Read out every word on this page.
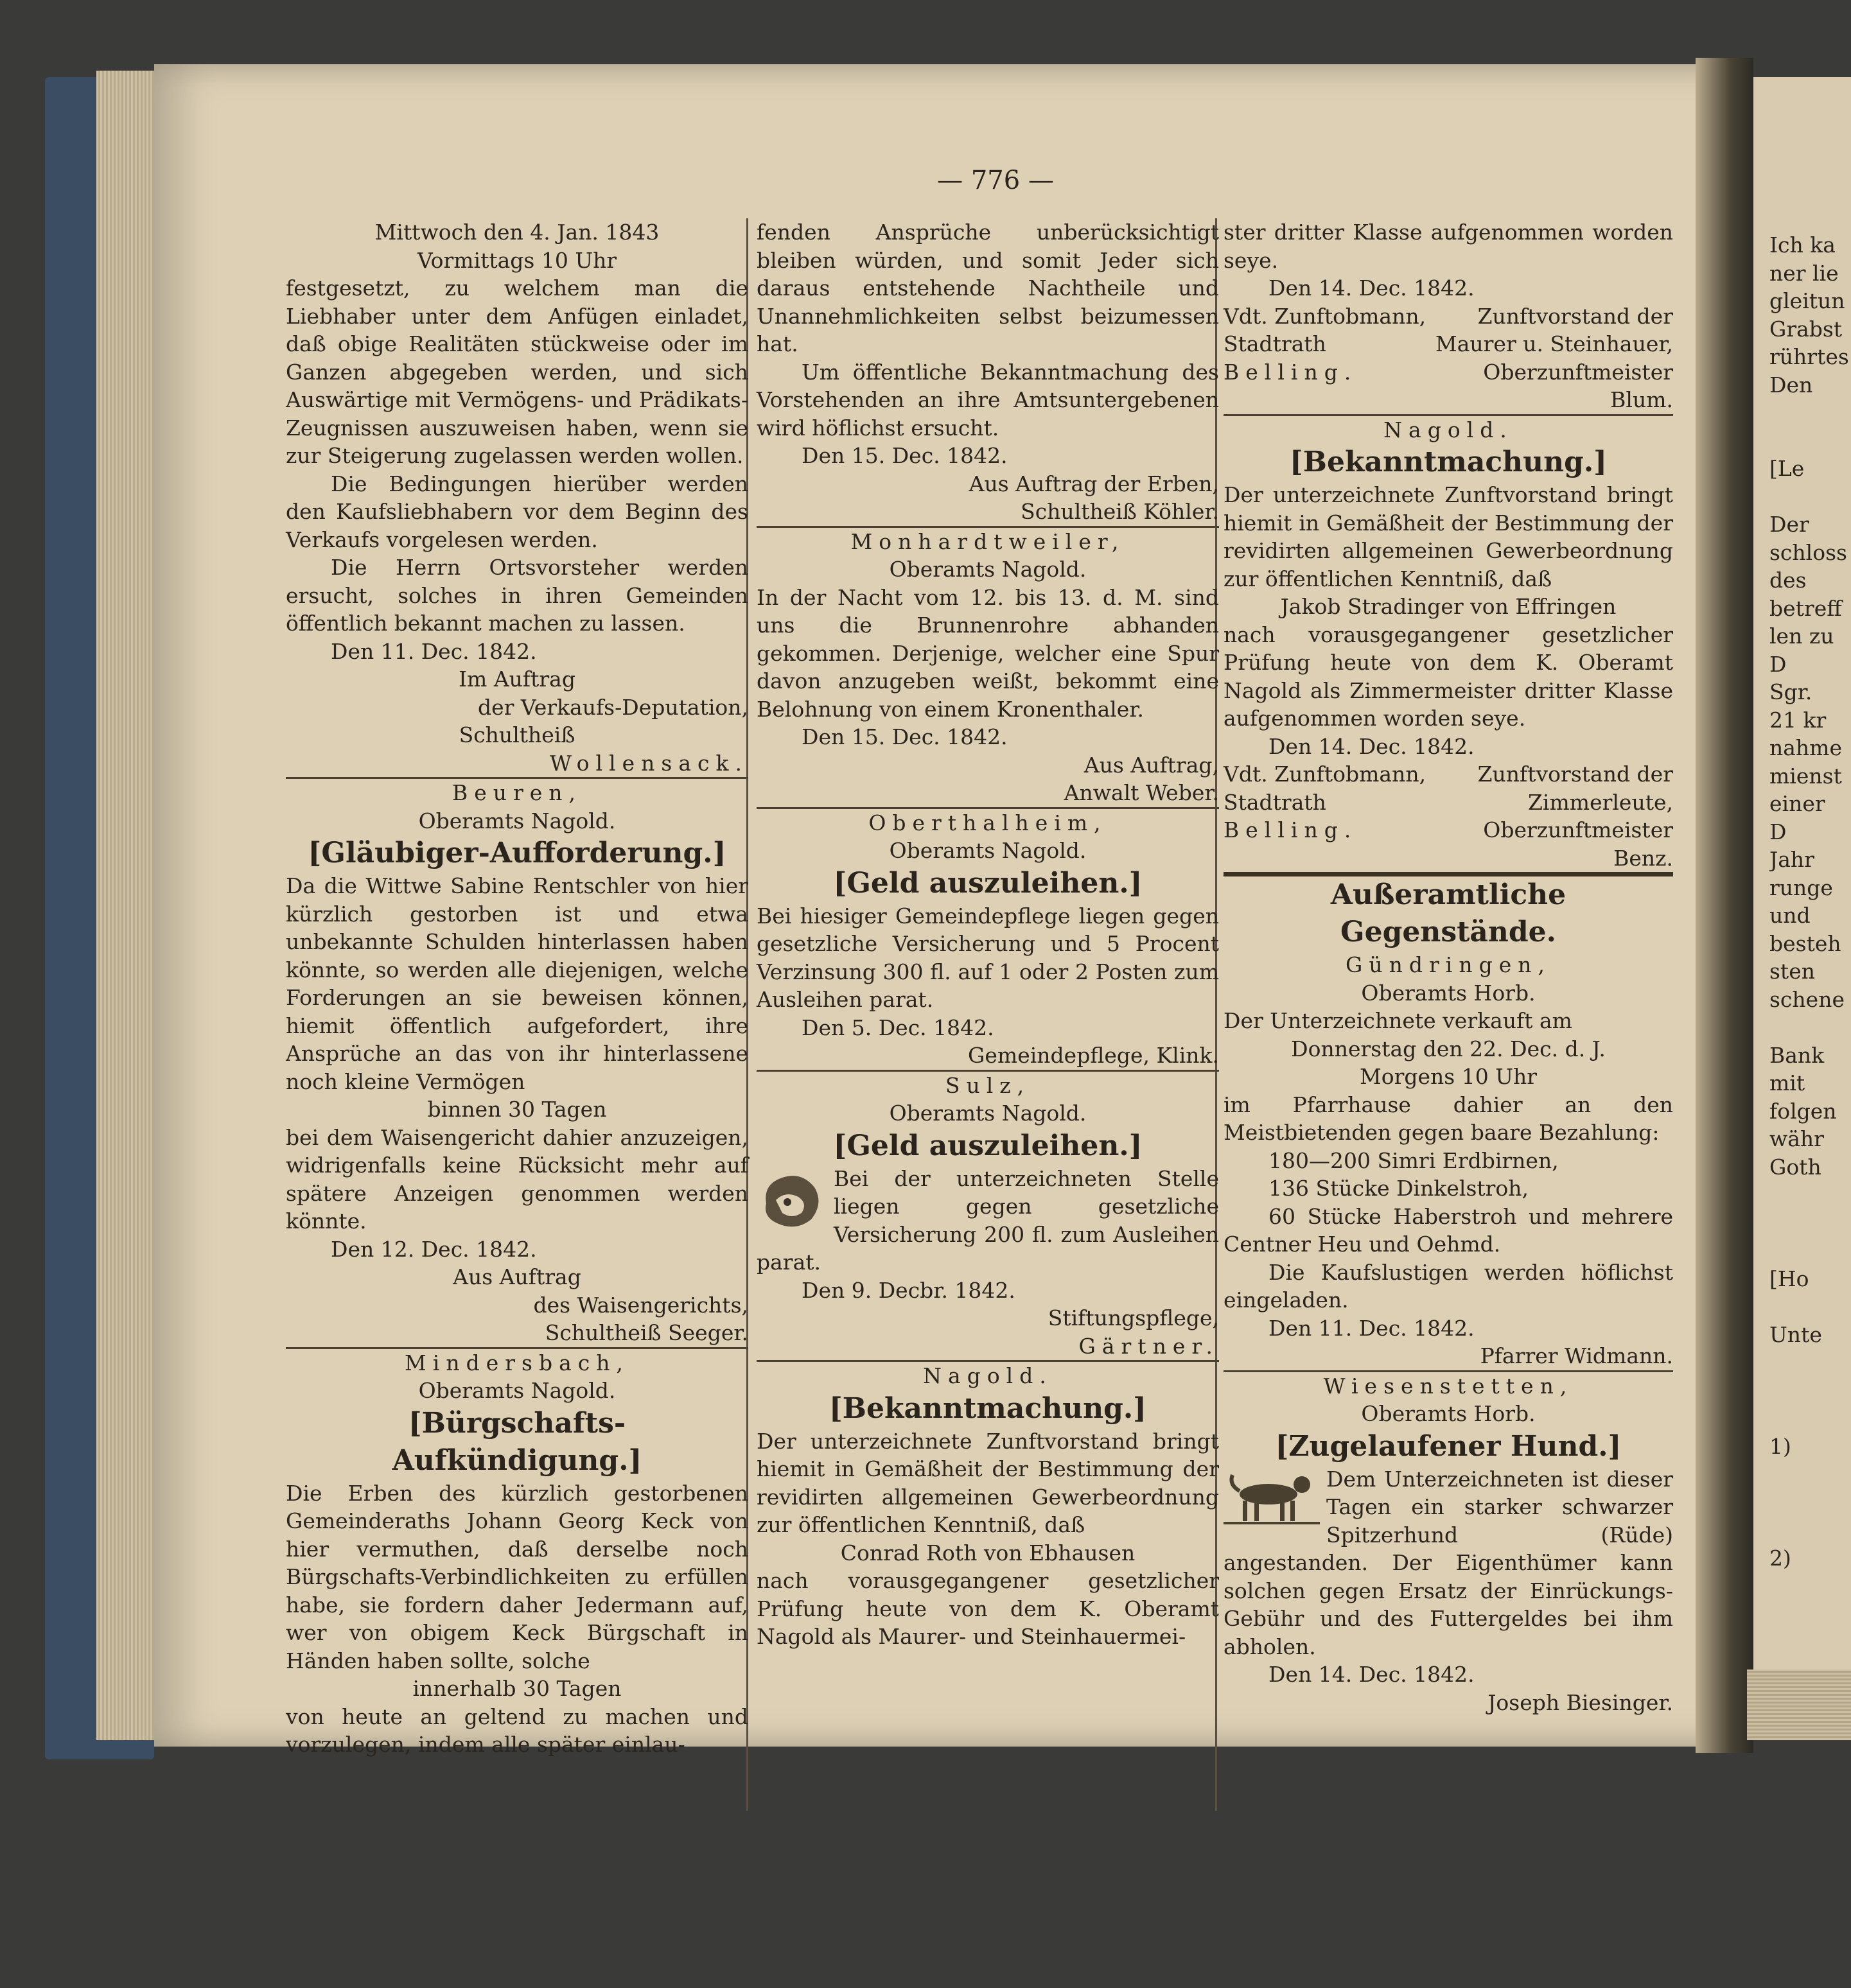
— 776 —
Mittwoch den 4. Jan. 1843
Vormittags 10 Uhr

festgesetzt, zu welchem man die Liebhaber unter dem Anfügen einladet, daß obige Realitäten stückweise oder im Ganzen abgegeben werden, und sich Auswärtige mit Vermögens- und Prädikats-Zeugnissen auszuweisen haben, wenn sie zur Steigerung zugelassen werden wollen.

Die Bedingungen hierüber werden den Kaufsliebhabern vor dem Beginn des Verkaufs vorgelesen werden.

Die Herrn Ortsvorsteher werden ersucht, solches in ihren Gemeinden öffentlich bekannt machen zu lassen.

Den 11. Dec. 1842.

Im Auftrag
der Verkaufs-Deputation,
Schultheiß
Wollensack.
Beuren,
Oberamts Nagold.
[Gläubiger-Aufforderung.]

Da die Wittwe Sabine Rentschler von hier kürzlich gestorben ist und etwa unbekannte Schulden hinterlassen haben könnte, so werden alle diejenigen, welche Forderungen an sie beweisen können, hiemit öffentlich aufgefordert, ihre Ansprüche an das von ihr hinterlassene noch kleine Vermögen

binnen 30 Tagen

bei dem Waisengericht dahier anzuzeigen, widrigenfalls keine Rücksicht mehr auf spätere Anzeigen genommen werden könnte.

Den 12. Dec. 1842.

Aus Auftrag
des Waisengerichts,
Schultheiß Seeger.
Mindersbach,
Oberamts Nagold.
[Bürgschafts-Aufkündigung.]

Die Erben des kürzlich gestorbenen Gemeinderaths Johann Georg Keck von hier vermuthen, daß derselbe noch Bürgschafts-Verbindlichkeiten zu erfüllen habe, sie fordern daher Jedermann auf, wer von obigem Keck Bürgschaft in Händen haben sollte, solche

innerhalb 30 Tagen

von heute an geltend zu machen und vorzulegen, indem alle später einlau-

fenden Ansprüche unberücksichtigt bleiben würden, und somit Jeder sich daraus entstehende Nachtheile und Unannehmlichkeiten selbst beizumessen hat.

Um öffentliche Bekanntmachung des Vorstehenden an ihre Amtsuntergebenen wird höflichst ersucht.

Den 15. Dec. 1842.

Aus Auftrag der Erben,
Schultheiß Köhler.
Monhardtweiler,
Oberamts Nagold.

In der Nacht vom 12. bis 13. d. M. sind uns die Brunnenrohre abhanden gekommen. Derjenige, welcher eine Spur davon anzugeben weißt, bekommt eine Belohnung von einem Kronenthaler.

Den 15. Dec. 1842.

Aus Auftrag,
Anwalt Weber.
Oberthalheim,
Oberamts Nagold.
[Geld auszuleihen.]

Bei hiesiger Gemeindepflege liegen gegen gesetzliche Versicherung und 5 Procent Verzinsung 300 fl. auf 1 oder 2 Posten zum Ausleihen parat.

Den 5. Dec. 1842.

Gemeindepflege, Klink.
Sulz,
Oberamts Nagold.
[Geld auszuleihen.]

Bei der unterzeichneten Stelle liegen gegen gesetzliche Versicherung 200 fl. zum Ausleihen parat.

Den 9. Decbr. 1842.

Stiftungspflege,
Gärtner.
Nagold.
[Bekanntmachung.]

Der unterzeichnete Zunftvorstand bringt hiemit in Gemäßheit der Bestimmung der revidirten allgemeinen Gewerbeordnung zur öffentlichen Kenntniß, daß

Conrad Roth von Ebhausen

nach vorausgegangener gesetzlicher Prüfung heute von dem K. Oberamt Nagold als Maurer- und Steinhauermei-

ster dritter Klasse aufgenommen worden seye.

Den 14. Dec. 1842.

Vdt. Zunftobmann, Zunftvorstand der
Stadtrath	Maurer u. Steinhauer,
Belling.	Oberzunftmeister
Blum.
Nagold.
[Bekanntmachung.]

Der unterzeichnete Zunftvorstand bringt hiemit in Gemäßheit der Bestimmung der revidirten allgemeinen Gewerbeordnung zur öffentlichen Kenntniß, daß

Jakob Stradinger von Effringen

nach vorausgegangener gesetzlicher Prüfung heute von dem K. Oberamt Nagold als Zimmermeister dritter Klasse aufgenommen worden seye.

Den 14. Dec. 1842.

Vdt. Zunftobmann, Zunftvorstand der
Stadtrath	Zimmerleute,
Belling.	Oberzunftmeister
Benz.
Außeramtliche Gegenstände.
Gündringen,
Oberamts Horb.

Der Unterzeichnete verkauft am

Donnerstag den 22. Dec. d. J.
Morgens 10 Uhr

im Pfarrhause dahier an den Meistbietenden gegen baare Bezahlung:

180—200 Simri Erdbirnen,
136 Stücke Dinkelstroh,
60 Stücke Haberstroh und mehrere Centner Heu und Oehmd.

Die Kaufslustigen werden höflichst eingeladen.

Den 11. Dec. 1842.

Pfarrer Widmann.
Wiesenstetten,
Oberamts Horb.
[Zugelaufener Hund.]

Dem Unterzeichneten ist dieser Tagen ein starker schwarzer Spitzerhund (Rüde) angestanden. Der Eigenthümer kann solchen gegen Ersatz der Einrückungs-Gebühr und des Futtergeldes bei ihm abholen.

Den 14. Dec. 1842.

Joseph Biesinger.
Ich ka
ner lie
gleitun
Grabst
rührtes
Den

[Le

Der
schloss
des
betreff
len zu
D
Sgr.
21 kr
nahme
mienst
einer
D
Jahr
runge
und
besteh
sten
schene

Bank
mit
folgen
währ
Goth

[Ho

Unte

1)

2)
